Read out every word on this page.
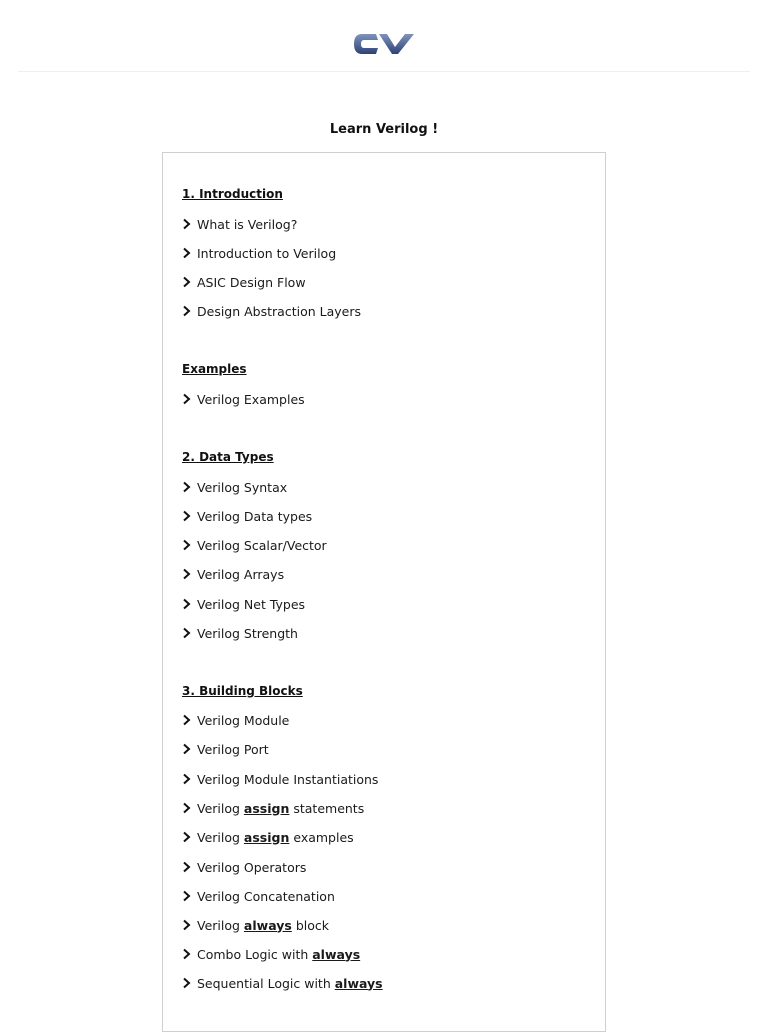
Learn Verilog !
1. Introduction
What is Verilog?
Introduction to Verilog
ASIC Design Flow
Design Abstraction Layers
Examples
Verilog Examples
2. Data Types
Verilog Syntax
Verilog Data types
Verilog Scalar/Vector
Verilog Arrays
Verilog Net Types
Verilog Strength
3. Building Blocks
Verilog Module
Verilog Port
Verilog Module Instantiations
Verilog assign statements
Verilog assign examples
Verilog Operators
Verilog Concatenation
Verilog always block
Combo Logic with always
Sequential Logic with always
